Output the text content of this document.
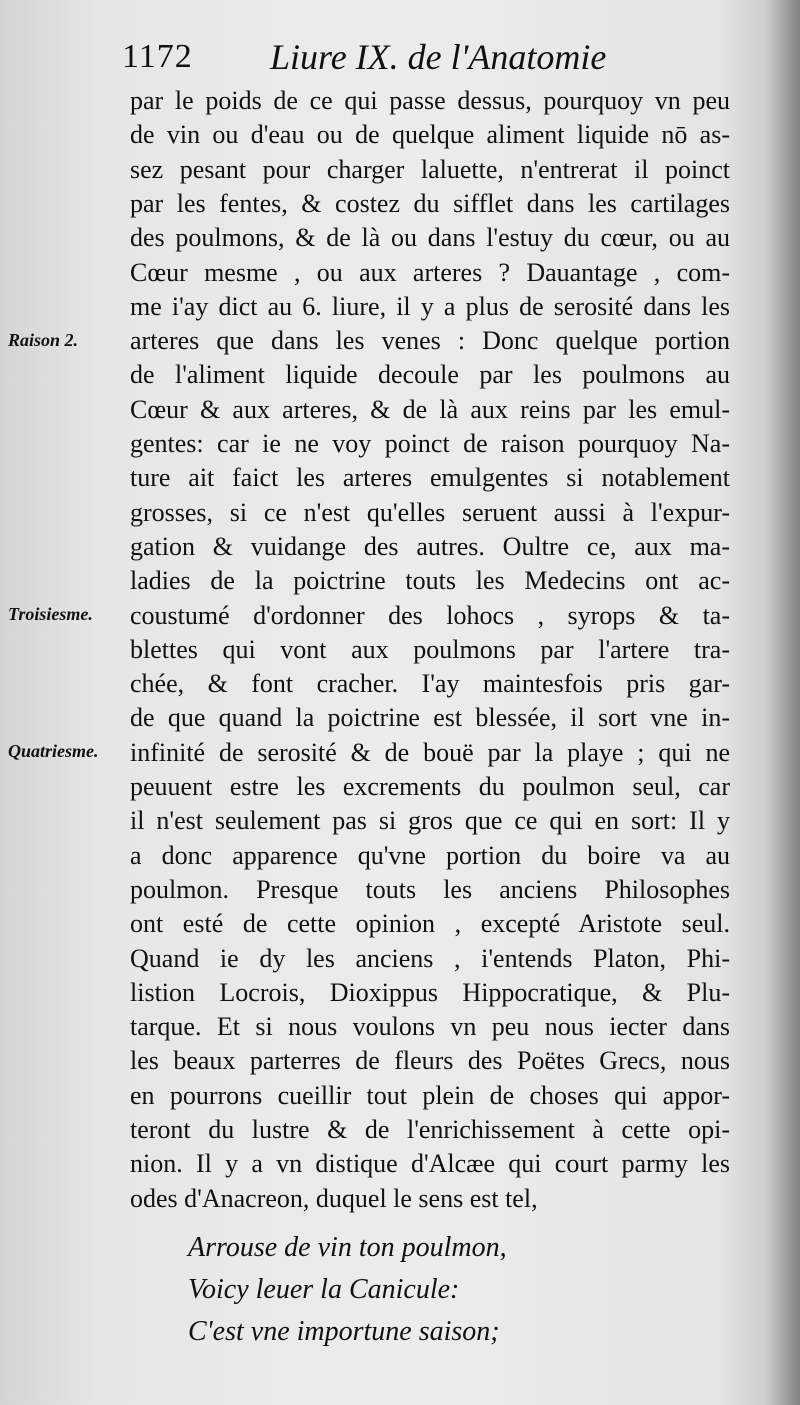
1172 Liure IX. de l'Anatomie
par le poids de ce qui passe dessus, pourquoy vn peu
de vin ou d'eau ou de quelque aliment liquide nō as-
sez pesant pour charger laluette, n'entrerat il poinct
par les fentes, & costez du sifflet dans les cartilages
des poulmons, & de là ou dans l'estuy du cœur, ou au
Cœur mesme , ou aux arteres ? Dauantage , com-
me i'ay dict au 6. liure, il y a plus de serosité dans les
arteres que dans les venes : Donc quelque portion
de l'aliment liquide decoule par les poulmons au
Cœur & aux arteres, & de là aux reins par les emul-
gentes: car ie ne voy poinct de raison pourquoy Na-
ture ait faict les arteres emulgentes si notablement
grosses, si ce n'est qu'elles seruent aussi à l'expur-
gation & vuidange des autres. Oultre ce, aux ma-
ladies de la poictrine touts les Medecins ont ac-
coustumé d'ordonner des lohocs , syrops & ta-
blettes qui vont aux poulmons par l'artere tra-
chée, & font cracher. I'ay maintesfois pris gar-
de que quand la poictrine est blessée, il sort vne in-
infinité de serosité & de bouë par la playe ; qui ne
peuuent estre les excrements du poulmon seul, car
il n'est seulement pas si gros que ce qui en sort: Il y
a donc apparence qu'vne portion du boire va au
poulmon. Presque touts les anciens Philosophes
ont esté de cette opinion , excepté Aristote seul.
Quand ie dy les anciens , i'entends Platon, Phi-
listion Locrois, Dioxippus Hippocratique, & Plu-
tarque. Et si nous voulons vn peu nous iecter dans
les beaux parterres de fleurs des Poëtes Grecs, nous
en pourrons cueillir tout plein de choses qui appor-
teront du lustre & de l'enrichissement à cette opi-
nion. Il y a vn distique d'Alcæe qui court parmy les
odes d'Anacreon, duquel le sens est tel,
Raison 2.
Troisiesme.
Quatriesme.
Arrouse de vin ton poulmon,
Voicy leuer la Canicule:
C'est vne importune saison;
